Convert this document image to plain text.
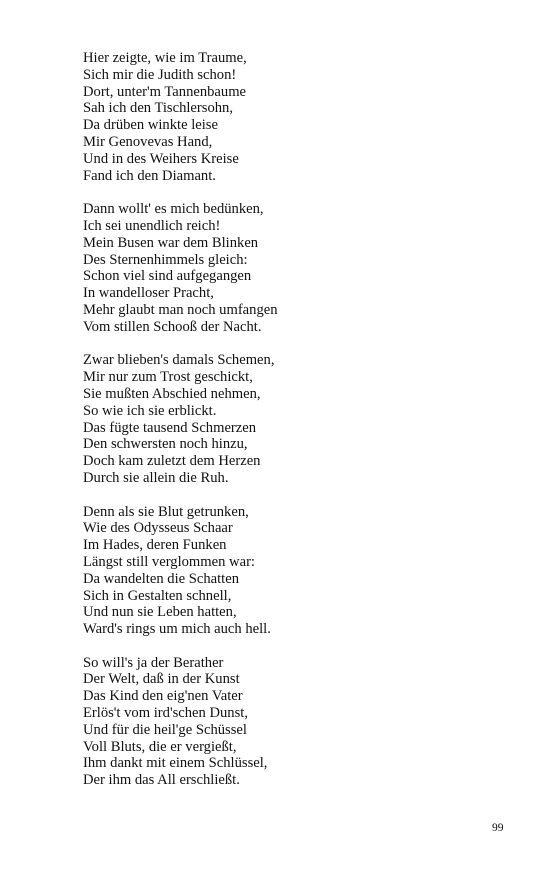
Hier zeigte, wie im Traume,
Sich mir die Judith schon!
Dort, unter'm Tannenbaume
Sah ich den Tischlersohn,
Da drüben winkte leise
Mir Genovevas Hand,
Und in des Weihers Kreise
Fand ich den Diamant.
Dann wollt' es mich bedünken,
Ich sei unendlich reich!
Mein Busen war dem Blinken
Des Sternenhimmels gleich:
Schon viel sind aufgegangen
In wandelloser Pracht,
Mehr glaubt man noch umfangen
Vom stillen Schooß der Nacht.
Zwar blieben's damals Schemen,
Mir nur zum Trost geschickt,
Sie mußten Abschied nehmen,
So wie ich sie erblickt.
Das fügte tausend Schmerzen
Den schwersten noch hinzu,
Doch kam zuletzt dem Herzen
Durch sie allein die Ruh.
Denn als sie Blut getrunken,
Wie des Odysseus Schaar
Im Hades, deren Funken
Längst still verglommen war:
Da wandelten die Schatten
Sich in Gestalten schnell,
Und nun sie Leben hatten,
Ward's rings um mich auch hell.
So will's ja der Berather
Der Welt, daß in der Kunst
Das Kind den eig'nen Vater
Erlös't vom ird'schen Dunst,
Und für die heil'ge Schüssel
Voll Bluts, die er vergießt,
Ihm dankt mit einem Schlüssel,
Der ihm das All erschließt.
99
